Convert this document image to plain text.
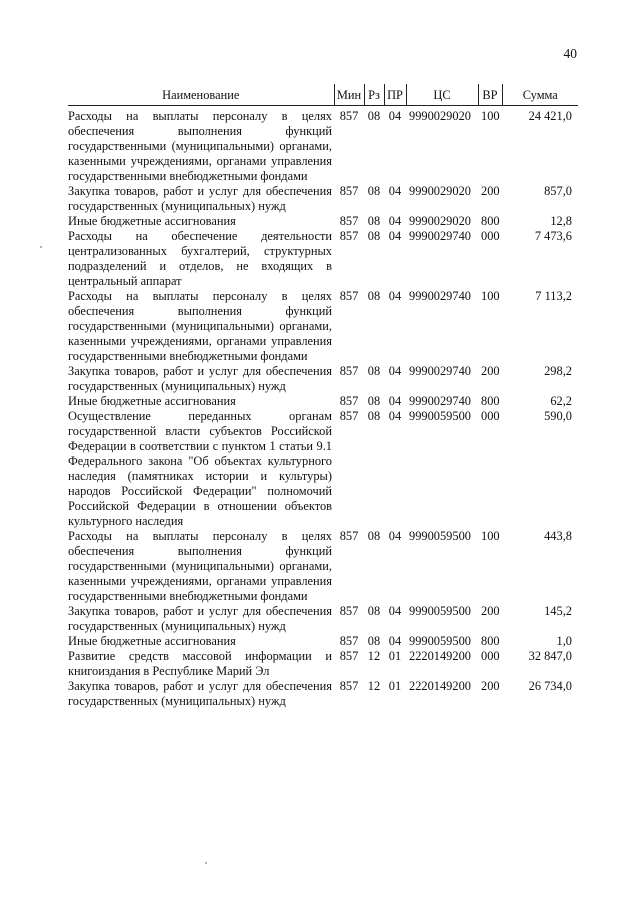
40
Наименование	Мин	Рз	ПР	ЦС	ВР	Сумма
Расходы на выплаты персоналу в целях обеспечения выполнения функций государственными (муниципальными) органами, казенными учреждениями, органами управления государственными внебюджетными фондами	857	08	04	9990029020	100	24 421,0
Закупка товаров, работ и услуг для обеспечения государственных (муниципальных) нужд	857	08	04	9990029020	200	857,0
Иные бюджетные ассигнования	857	08	04	9990029020	800	12,8
Расходы на обеспечение деятельности централизованных бухгалтерий, структурных подразделений и отделов, не входящих в центральный аппарат	857	08	04	9990029740	000	7 473,6
Расходы на выплаты персоналу в целях обеспечения выполнения функций государственными (муниципальными) органами, казенными учреждениями, органами управления государственными внебюджетными фондами	857	08	04	9990029740	100	7 113,2
Закупка товаров, работ и услуг для обеспечения государственных (муниципальных) нужд	857	08	04	9990029740	200	298,2
Иные бюджетные ассигнования	857	08	04	9990029740	800	62,2
Осуществление переданных органам государственной власти субъектов Российской Федерации в соответствии с пунктом 1 статьи 9.1 Федерального закона "Об объектах культурного наследия (памятниках истории и культуры) народов Российской Федерации" полномочий Российской Федерации в отношении объектов культурного наследия	857	08	04	9990059500	000	590,0
Расходы на выплаты персоналу в целях обеспечения выполнения функций государственными (муниципальными) органами, казенными учреждениями, органами управления государственными внебюджетными фондами	857	08	04	9990059500	100	443,8
Закупка товаров, работ и услуг для обеспечения государственных (муниципальных) нужд	857	08	04	9990059500	200	145,2
Иные бюджетные ассигнования	857	08	04	9990059500	800	1,0
Развитие средств массовой информации и книгоиздания в Республике Марий Эл	857	12	01	2220149200	000	32 847,0
Закупка товаров, работ и услуг для обеспечения государственных (муниципальных) нужд	857	12	01	2220149200	200	26 734,0
